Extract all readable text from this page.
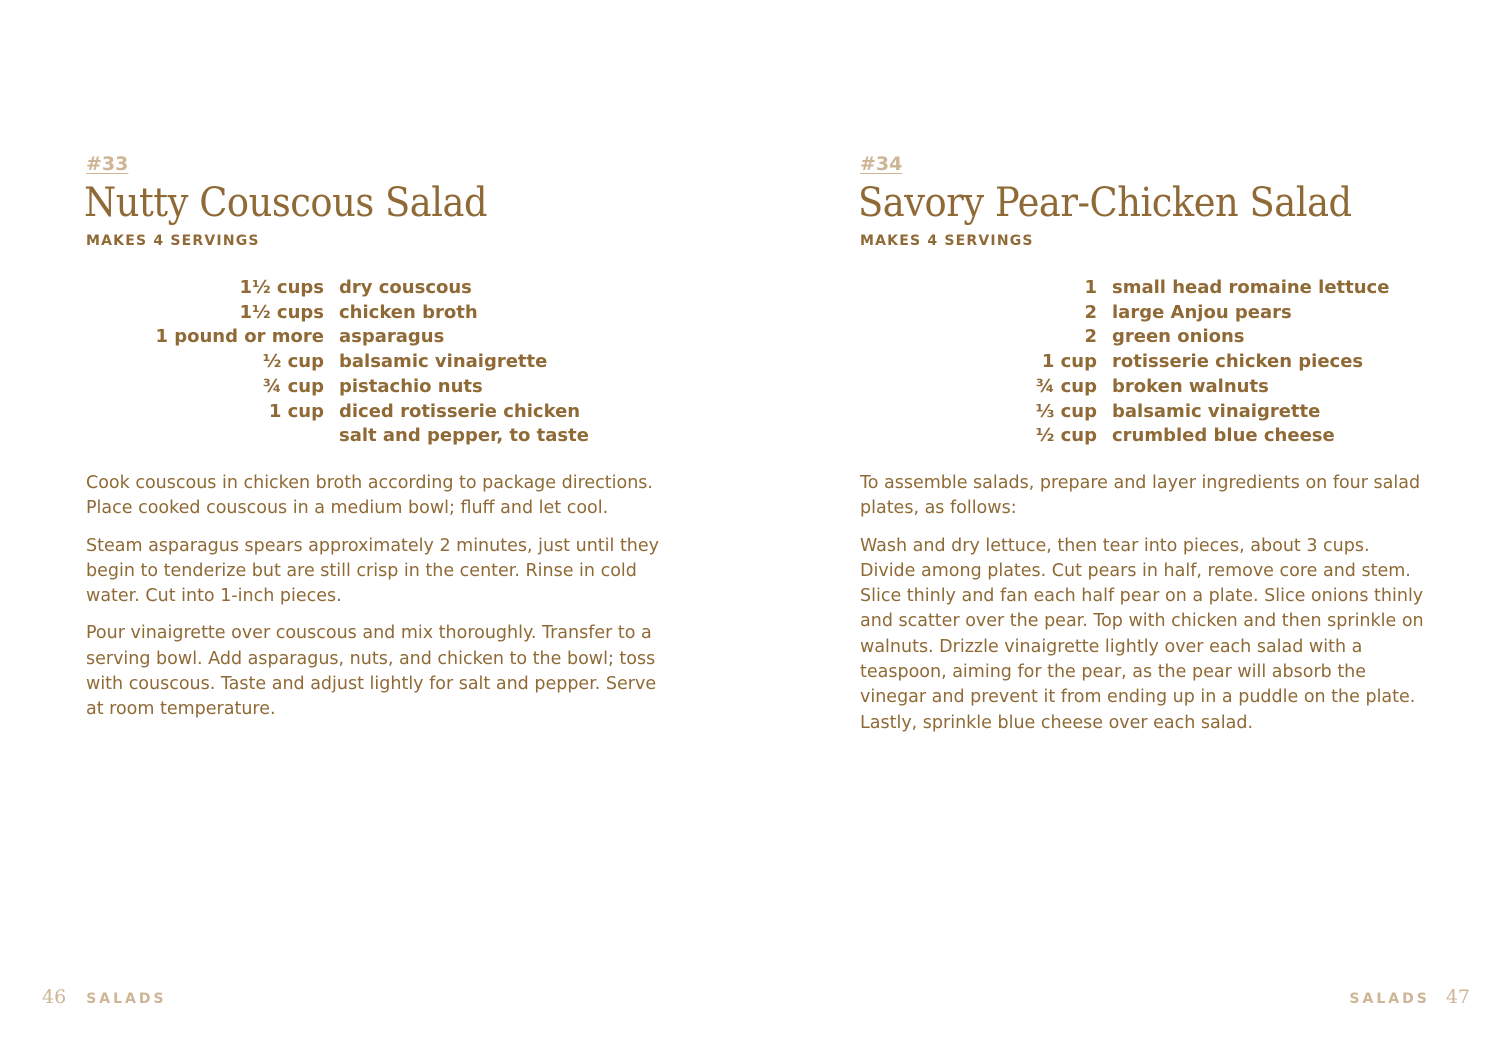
#33
Nutty Couscous Salad
MAKES 4 SERVINGS
1½ cups dry couscous
1½ cups chicken broth
1 pound or more asparagus
½ cup balsamic vinaigrette
¾ cup pistachio nuts
1 cup diced rotisserie chicken
salt and pepper, to taste

Cook couscous in chicken broth according to package directions. Place cooked couscous in a medium bowl; fluff and let cool.

Steam asparagus spears approximately 2 minutes, just until they begin to tenderize but are still crisp in the center. Rinse in cold water. Cut into 1-inch pieces.

Pour vinaigrette over couscous and mix thoroughly. Transfer to a serving bowl. Add asparagus, nuts, and chicken to the bowl; toss with couscous. Taste and adjust lightly for salt and pepper. Serve at room temperature.

46 SALADS
#34
Savory Pear-Chicken Salad
MAKES 4 SERVINGS
1 small head romaine lettuce
2 large Anjou pears
2 green onions
1 cup rotisserie chicken pieces
¾ cup broken walnuts
⅓ cup balsamic vinaigrette
½ cup crumbled blue cheese

To assemble salads, prepare and layer ingredients on four salad plates, as follows:

Wash and dry lettuce, then tear into pieces, about 3 cups. Divide among plates. Cut pears in half, remove core and stem. Slice thinly and fan each half pear on a plate. Slice onions thinly and scatter over the pear. Top with chicken and then sprinkle on walnuts. Drizzle vinaigrette lightly over each salad with a teaspoon, aiming for the pear, as the pear will absorb the vinegar and prevent it from ending up in a puddle on the plate. Lastly, sprinkle blue cheese over each salad.

SALADS 47
